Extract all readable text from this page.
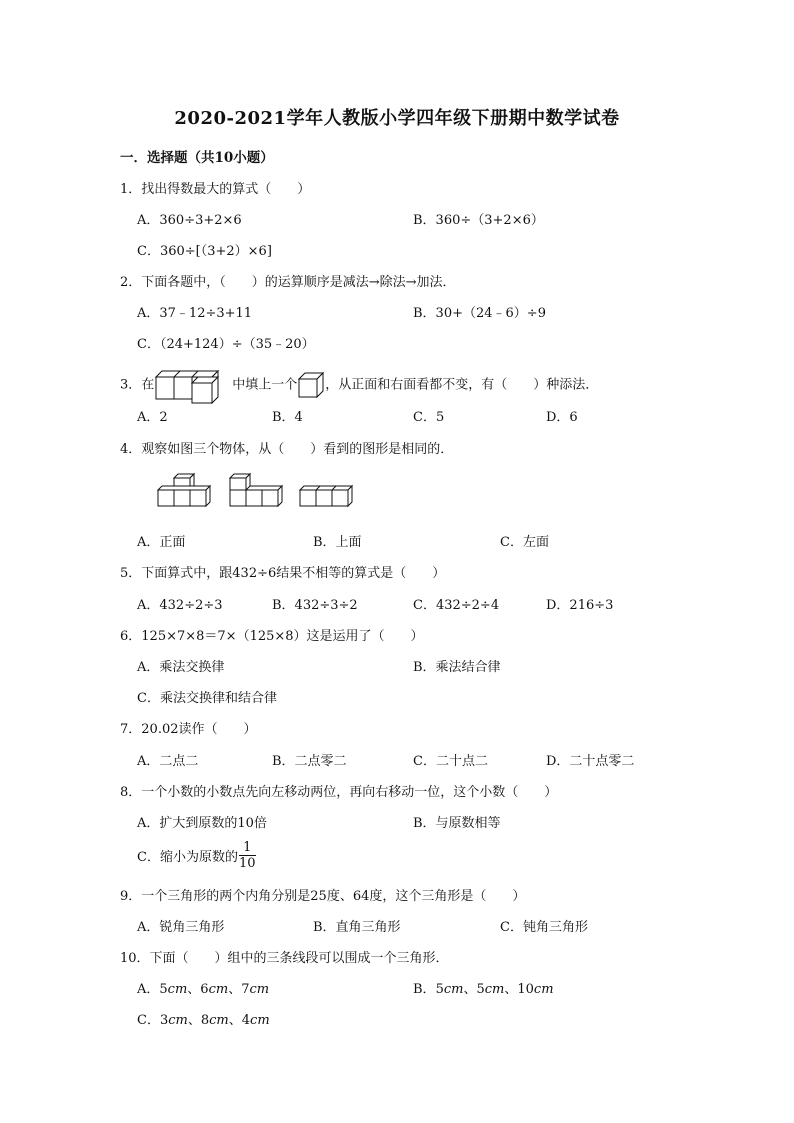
2020-2021学年人教版小学四年级下册期中数学试卷
一．选择题（共10小题）
1．找出得数最大的算式（　　）
A．360÷3+2×6	B．360÷（3+2×6）
C．360÷[（3+2）×6]
2．下面各题中，（　　）的运算顺序是减法→除法→加法．
A．37﹣12÷3+11	B．30+（24﹣6）÷9
C．（24+124）÷（35﹣20）
3．在	中填上一个 ，从正面和右面看都不变，有（　　）种添法．
A．2	B．4	C．5	D．6
4．观察如图三个物体，从（　　）看到的图形是相同的．
A．正面	B．上面	C．左面
5．下面算式中，跟432÷6结果不相等的算式是（　　）
A．432÷2÷3	B．432÷3÷2	C．432÷2÷4	D．216÷3
6．125×7×8＝7×（125×8）这是运用了（　　）
A．乘法交换律	B．乘法结合律
C．乘法交换律和结合律
7．20.02读作（　　）
A．二点二	B．二点零二	C．二十点二	D．二十点零二
8．一个小数的小数点先向左移动两位，再向右移动一位，这个小数（　　）
A．扩大到原数的10倍	B．与原数相等
C．缩小为原数的 $\frac{1}{10}$
9．一个三角形的两个内角分别是25度、64度，这个三角形是（　　）
A．锐角三角形	B．直角三角形	C．钝角三角形
10．下面（　　）组中的三条线段可以围成一个三角形．
A．5cm、6cm、7cm	B．5cm、5cm、10cm
C．3cm、8cm、4cm
